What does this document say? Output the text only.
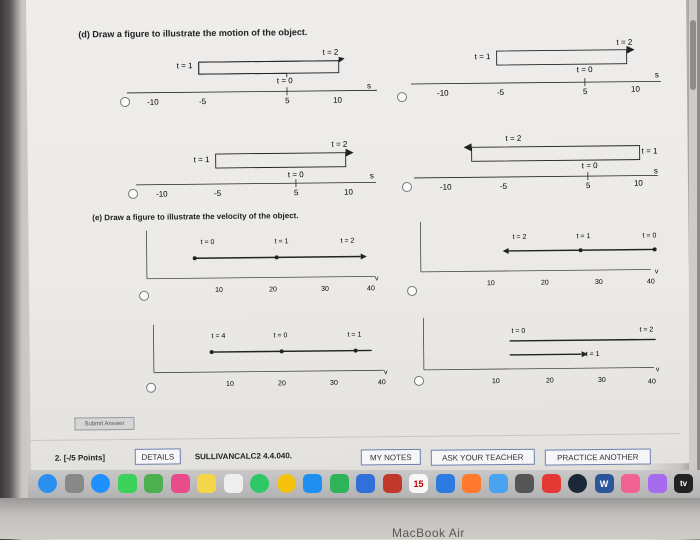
(d) Draw a figure to illustrate the motion of the object.
t = 2
t = 1
t = 0
-10	-5	5	10
s
t = 2
t = 1
t = 0
-10	-5	5	10
s
t = 2
t = 1
t = 0
-10	-5	5	10
s
t = 2
t = 1
t = 0
-10	-5	5	10
s
(e) Draw a figure to illustrate the velocity of the object.
t = 0	t = 1	t = 2
10	20	30	40
v
t = 2	t = 1	t = 0
10	20	30	40
v
t = 4	t = 0	t = 1
10	20	30	40
v
t = 0
t = 1
t = 2
10	20	30	40
v
Submit Answer
2. [-/5 Points]	DETAILS	SULLIVANCALC2 4.4.040.	MY NOTES	ASK YOUR TEACHER	PRACTICE ANOTHER
15	W	tv
MacBook Air
